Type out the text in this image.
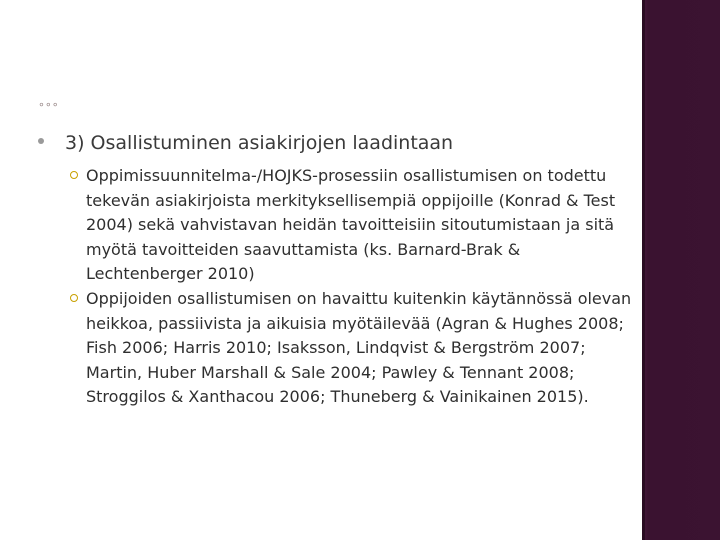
∘∘∘
3) Osallistuminen asiakirjojen laadintaan
Oppimissuunnitelma-/HOJKS-prosessiin osallistumisen on todettu tekevän asiakirjoista merkityksellisempiä oppijoille (Konrad & Test 2004) sekä vahvistavan heidän tavoitteisiin sitoutumistaan ja sitä myötä tavoitteiden saavuttamista (ks. Barnard-Brak & Lechtenberger 2010)
Oppijoiden osallistumisen on havaittu kuitenkin käytännössä olevan heikkoa, passiivista ja aikuisia myötäilevää (Agran & Hughes 2008; Fish 2006; Harris 2010; Isaksson, Lindqvist & Bergström 2007; Martin, Huber Marshall & Sale 2004; Pawley & Tennant 2008; Stroggilos & Xanthacou 2006; Thuneberg & Vainikainen 2015).
